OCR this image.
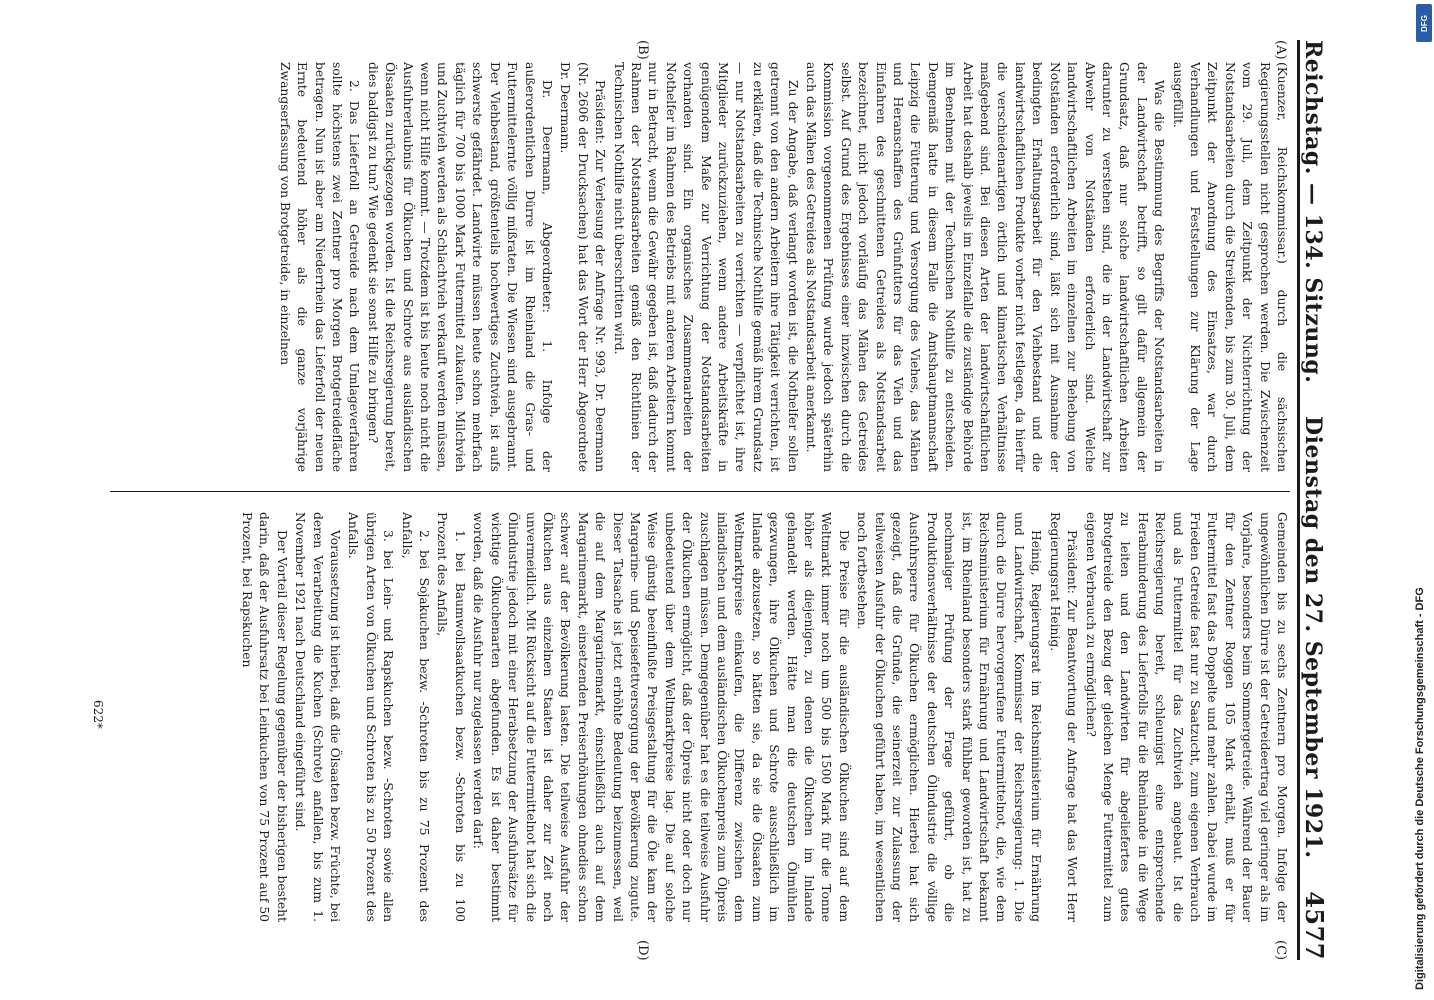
Reichstag. — 134. Sitzung.
Dienstag den 27. September 1921.
4577
(A)
(B)
(C)
(D)

(Kuenzer, Reichskommissar.) durch die sächsischen Regierungsstellen nicht gesprochen werden. Die Zwischenzeit vom 29. Juli, dem Zeitpunkt der Nichterrichtung der Notstandsarbeiten durch die Streikenden, bis zum 30. Juli, dem Zeitpunkt der Anordnung des Einsatzes, war durch Verhandlungen und Feststellungen zur Klärung der Lage ausgefüllt.

Was die Bestimmung des Begriffs der Notstandsarbeiten in der Landwirtschaft betrifft, so gilt dafür allgemein der Grundsatz, daß nur solche landwirtschaftlichen Arbeiten darunter zu verstehen sind, die in der Landwirtschaft zur Abwehr von Notständen erforderlich sind. Welche landwirtschaftlichen Arbeiten im einzelnen zur Behebung von Notständen erforderlich sind, läßt sich mit Ausnahme der bedingten Erhaltungsarbeit für den Viehbestand und die landwirtschaftlichen Produkte vorher nicht festlegen, da hierfür die verschiedenartigen örtlich und klimatischen Verhältnisse maßgebend sind. Bei diesen Arten der landwirtschaftlichen Arbeit hat deshalb jeweils im Einzelfalle die zuständige Behörde im Benehmen mit der Technischen Nothilfe zu entscheiden. Demgemäß hatte in diesem Falle die Amtshauptmannschaft Leipzig die Fütterung und Versorgung des Viehes, das Mähen und Heranschaffen des Grünfutters für das Vieh und das Einfahren des geschnittenen Getreides als Notstandsarbeit bezeichnet, nicht jedoch vorläufig das Mähen des Getreides selbst. Auf Grund des Ergebnisses einer inzwischen durch die Kommission vorgenommenen Prüfung wurde jedoch späterhin auch das Mähen des Getreides als Notstandsarbeit anerkannt.

Zu der Angabe, daß verlangt worden ist, die Nothelfer sollen getrennt von den andern Arbeitern ihre Tätigkeit verrichten, ist zu erklären, daß die Technische Nothilfe gemäß ihrem Grundsatz — nur Notstandsarbeiten zu verrichten — verpflichtet ist, ihre Mitglieder zurückzuziehen, wenn andere Arbeitskräfte in genügendem Maße zur Verrichtung der Notstandsarbeiten vorhanden sind. Ein organisches Zusammenarbeiten der Nothelfer im Rahmen des Betriebs mit anderen Arbeitern kommt nur in Betracht, wenn die Gewähr gegeben ist, daß dadurch der Rahmen der Notstandsarbeiten gemäß den Richtlinien der Technischen Nothilfe nicht überschritten wird.

Präsident: Zur Verlesung der Anfrage Nr. 993, Dr. Deermann (Nr. 2606 der Drucksachen) hat das Wort der Herr Abgeordnete Dr. Deermann.

Dr. Deermann, Abgeordneter: 1. Infolge der außerordentlichen Dürre ist im Rheinland die Gras- und Futtermittelernte völlig mißraten. Die Wiesen sind ausgebrannt. Der Viehbestand, größtenteils hochwertiges Zuchtvieh, ist aufs schwerste gefährdet. Landwirte müssen heute schon mehrfach täglich für 700 bis 1000 Mark Futtermittel zukaufen. Milchvieh und Zuchtvieh werden als Schlachtvieh verkauft werden müssen, wenn nicht Hilfe kommt. — Trotzdem ist bis heute noch nicht die Ausfuhrerlaubnis für Ölkuchen und Schrote aus ausländischen Ölsaaten zurückgezogen worden. Ist die Reichsregierung bereit, dies baldigst zu tun? Wie gedenkt sie sonst Hilfe zu bringen?

2. Das Lieferfoll an Getreide nach dem Umlageverfahren sollte höchstens zwei Zentner pro Morgen Brotgetreidefläche betragen. Nun ist aber am Niederrhein das Lieferfoll der neuen Ernte bedeutend höher als die ganze vorjährige Zwangserfassung von Brotgetreide, in einzelnen

Gemeinden bis zu sechs Zentnern pro Morgen. Infolge der ungewöhnlichen Dürre ist der Getreideertrag viel geringer als im Vorjahre, besonders beim Sommergetreide. Während der Bauer für den Zentner Roggen 105 Mark erhält, muß er für Futtermittel fast das Doppelte und mehr zahlen. Dabei wurde im Frieden Getreide fast nur zu Saatzucht, zum eigenen Verbrauch und als Futtermittel für das Zuchtvieh angebaut. Ist die Reichsregierung bereit, schleunigst eine entsprechende Herabminderung des Lieferfolls für die Rheinlande in die Wege zu leiten und den Landwirten für abgeliefertes gutes Brotgetreide den Bezug der gleichen Menge Futtermittel zum eigenen Verbrauch zu ermöglichen?

Präsident: Zur Beantwortung der Anfrage hat das Wort Herr Regierungsrat Heinig.

Heinig, Regierungsrat im Reichsministerium für Ernährung und Landwirtschaft, Kommissar der Reichsregierung: 1. Die durch die Dürre hervorgerufene Futtermittelnot, die, wie dem Reichsministerium für Ernährung und Landwirtschaft bekannt ist, im Rheinland besonders stark fühlbar geworden ist, hat zu nochmaliger Prüfung der Frage geführt, ob die Produktionsverhältnisse der deutschen Ölindustrie die völlige Ausfuhrsperre für Ölkuchen ermöglichen. Hierbei hat sich gezeigt, daß die Gründe, die seinerzeit zur Zulassung der teilweisen Ausfuhr der Ölkuchen geführt haben, im wesentlichen noch fortbestehen.

Die Preise für die ausländischen Ölkuchen sind auf dem Weltmarkt immer noch um 500 bis 1500 Mark für die Tonne höher als diejenigen, zu denen die Ölkuchen im Inlande gehandelt werden. Hätte man die deutschen Ölmühlen gezwungen, ihre Ölkuchen und Schrote ausschließlich im Inlande abzusetzen, so hätten sie, da sie die Ölsaaten zum Weltmarktpreise einkaufen, die Differenz zwischen dem inländischen und dem ausländischen Ölkuchenpreis zum Ölpreis zuschlagen müssen. Demgegenüber hat es die teilweise Ausfuhr der Ölkuchen ermöglicht, daß der Ölpreis nicht oder doch nur unbedeutend über dem Weltmarktpreise lag. Die auf solche Weise günstig beeinflußte Preisgestaltung für die Öle kam der Margarine- und Speisefettversorgung der Bevölkerung zugute. Dieser Tatsache ist jetzt erhöhte Bedeutung beizumessen, weil die auf dem Margarinemarkt, einschließlich auch auf dem Margarinemarkt, einsetzenden Preiserhöhungen ohnedies schon schwer auf der Bevölkerung lasten. Die teilweise Ausfuhr der Ölkuchen aus einzelnen Staaten ist daher zur Zeit noch unvermeidlich. Mit Rücksicht auf die Futtermittelnot hat sich die Ölindustrie jedoch mit einer Herabsetzung der Ausfuhrsätze für wichtige Ölkuchenarten abgefunden. Es ist daher bestimmt worden, daß die Ausfuhr nur zugelassen werden darf:

1. bei Baumwollsaatkuchen bezw. -Schroten bis zu 100 Prozent des Anfalls,

2. bei Sojakuchen bezw. -Schroten bis zu 75 Prozent des Anfalls,

3. bei Lein- und Rapskuchen bezw. -Schroten sowie allen übrigen Arten von Ölkuchen und Schroten bis zu 50 Prozent des Anfalls.

Voraussetzung ist hierbei, daß die Ölsaaten bezw. Früchte, bei deren Verarbeitung die Kuchen (Schrote) anfallen, bis zum 1. November 1921 nach Deutschland eingeführt sind.

Der Vorteil dieser Regelung gegenüber der bisherigen besteht darin, daß der Ausfuhrsatz bei Leinkuchen von 75 Prozent auf 50 Prozent, bei Rapskuchen

622*
DFG
Digitalisierung gefördert durch die Deutsche Forschungsgemeinschaft - DFG
